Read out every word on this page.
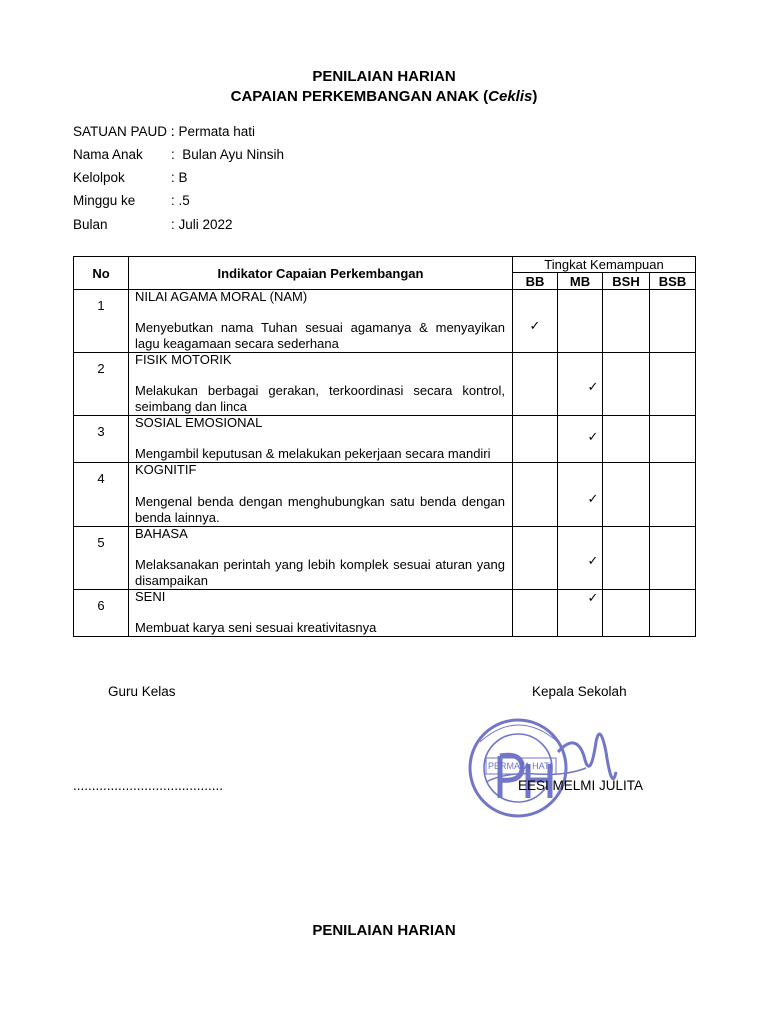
PENILAIAN HARIAN
CAPAIAN PERKEMBANGAN ANAK (Ceklis)
SATUAN PAUD :
. Permata hati
Nama Anak :  Bulan Ayu Ninsih
Kelolpok	: B
Minggu ke	: .5
Bulan	: Juli 2022
No	Indikator Capaian Perkembangan	Tingkat Kemampuan			
		BB	MB	BSH	BSB
1	NILAI AGAMA MORAL (NAM)
Menyebutkan nama Tuhan sesuai agamanya & menyayikan lagu keagamaan secara sederhana	✓			

2	FISIK MOTORIK
Melakukan berbagai gerakan, terkoordinasi secara kontrol, seimbang dan linca		✓		

3	SOSIAL EMOSIONAL
Mengambil keputusan & melakukan pekerjaan secara mandiri		✓		

4	KOGNITIF
Mengenal benda dengan menghubungkan satu benda dengan benda lainnya.		✓		

5	BAHASA
Melaksanakan perintah yang lebih komplek sesuai aturan yang disampaikan		✓		

6	SENI
Membuat karya seni sesuai kreativitasnya		✓		

Guru Kelas	Kepala Sekolah
........................................
PERMATA HATI
EESI MELMI JULITA
PENILAIAN HARIAN
